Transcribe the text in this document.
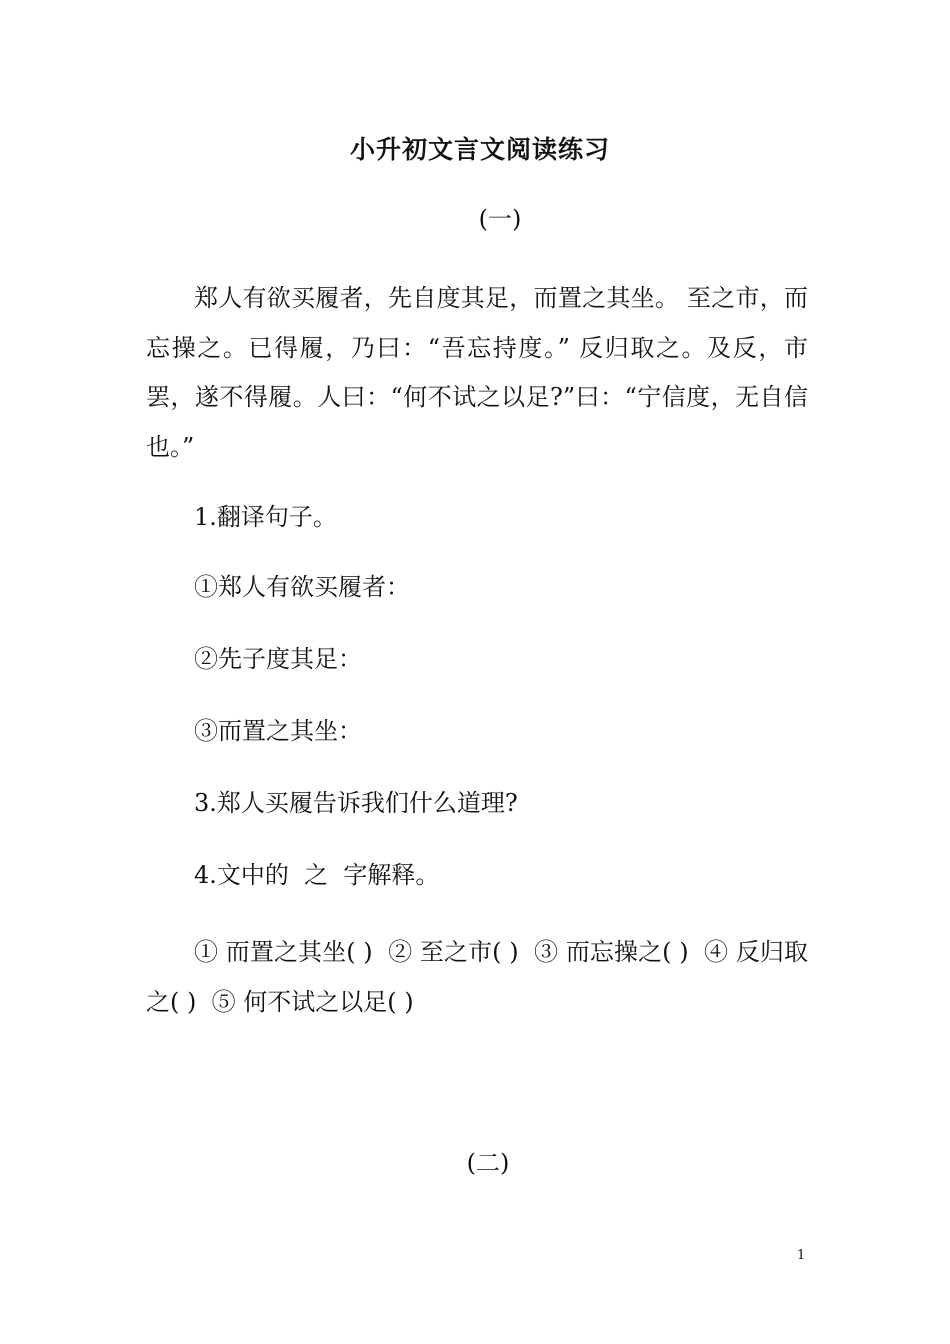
小升初文言文阅读练习
(一)

郑人有欲买履者，先自度其足，而置之其坐。 至之市，而忘操之。已得履，乃曰：“吾忘持度。” 反归取之。及反，市罢，遂不得履。人曰：“何不试之以足?”曰：“宁信度，无自信也。”

1.翻译句子。
①郑人有欲买履者：
②先子度其足：
③而置之其坐：
3.郑人买履告诉我们什么道理?
4.文中的  之  字解释。

① 而置之其坐( )  ② 至之市( )  ③ 而忘操之( )  ④ 反归取之( )  ⑤ 何不试之以足( )

(二)
1
